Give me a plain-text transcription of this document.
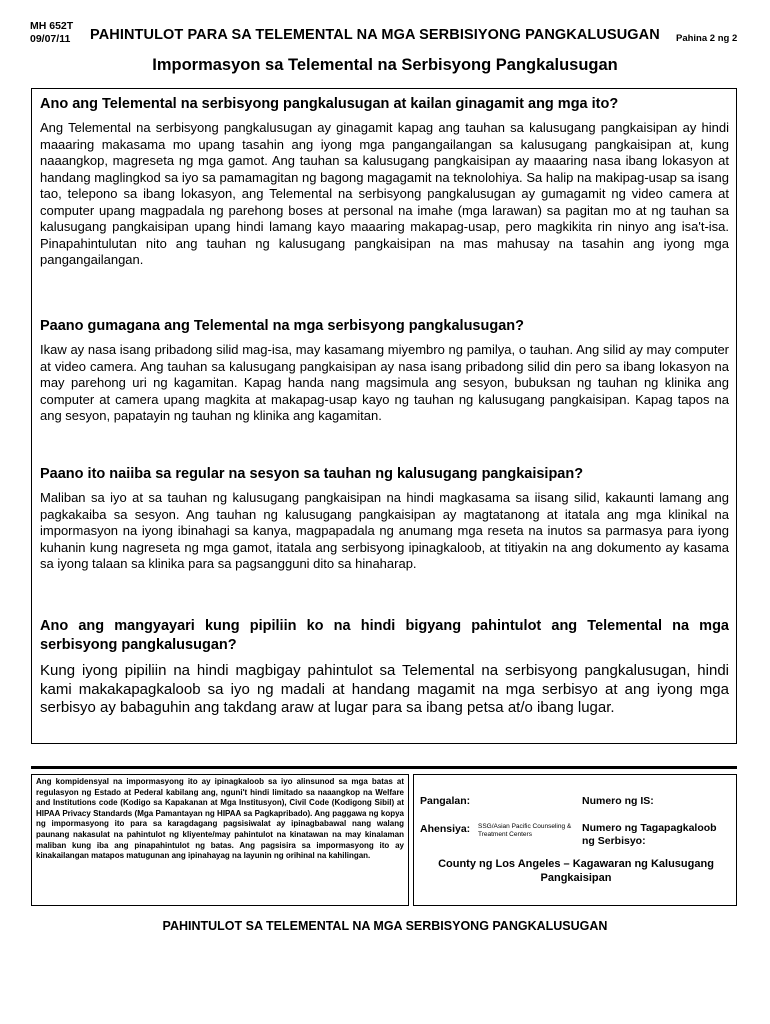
MH 652T
09/07/11 PAHINTULOT PARA SA TELEMENTAL NA MGA SERBISIYONG PANGKALUSUGAN Pahina 2 ng 2
Impormasyon sa Telemental na Serbisyong Pangkalusugan

Ano ang Telemental na serbisyong pangkalusugan at kailan ginagamit ang mga ito?

Ang Telemental na serbisyong pangkalusugan ay ginagamit kapag ang tauhan sa kalusugang pangkaisipan ay hindi maaaring makasama mo upang tasahin ang iyong mga pangangailangan sa kalusugang pangkaisipan at, kung naaangkop, magreseta ng mga gamot. Ang tauhan sa kalusugang pangkaisipan ay maaaring nasa ibang lokasyon at handang maglingkod sa iyo sa pamamagitan ng bagong magagamit na teknolohiya. Sa halip na makipag-usap sa isang tao, telepono sa ibang lokasyon, ang Telemental na serbisyong pangkalusugan ay gumagamit ng video camera at computer upang magpadala ng parehong boses at personal na imahe (mga larawan) sa pagitan mo at ng tauhan sa kalusugang pangkaisipan upang hindi lamang kayo maaaring makapag-usap, pero magkikita rin ninyo ang isa't-isa. Pinapahintulutan nito ang tauhan ng kalusugang pangkaisipan na mas mahusay na tasahin ang iyong mga pangangailangan.

Paano gumagana ang Telemental na mga serbisyong pangkalusugan?

Ikaw ay nasa isang pribadong silid mag-isa, may kasamang miyembro ng pamilya, o tauhan. Ang silid ay may computer at video camera. Ang tauhan sa kalusugang pangkaisipan ay nasa isang pribadong silid din pero sa ibang lokasyon na may parehong uri ng kagamitan. Kapag handa nang magsimula ang sesyon, bubuksan ng tauhan ng klinika ang computer at camera upang magkita at makapag-usap kayo ng tauhan ng kalusugang pangkaisipan. Kapag tapos na ang sesyon, papatayin ng tauhan ng klinika ang kagamitan.

Paano ito naiiba sa regular na sesyon sa tauhan ng kalusugang pangkaisipan?

Maliban sa iyo at sa tauhan ng kalusugang pangkaisipan na hindi magkasama sa iisang silid, kakaunti lamang ang pagkakaiba sa sesyon. Ang tauhan ng kalusugang pangkaisipan ay magtatanong at itatala ang mga klinikal na impormasyon na iyong ibinahagi sa kanya, magpapadala ng anumang mga reseta na inutos sa parmasya para iyong kuhanin kung nagreseta ng mga gamot, itatala ang serbisyong ipinagkaloob, at titiyakin na ang dokumento ay kasama sa iyong talaan sa klinika para sa pagsangguni dito sa hinaharap.

Ano ang mangyayari kung pipiliin ko na hindi bigyang pahintulot ang Telemental na mga serbisyong pangkalusugan?

Kung iyong pipiliin na hindi magbigay pahintulot sa Telemental na serbisyong pangkalusugan, hindi kami makakapagkaloob sa iyo ng madali at handang magamit na mga serbisyo at ang iyong mga serbisyo ay babaguhin ang takdang araw at lugar para sa ibang petsa at/o ibang lugar.

Ang kompidensyal na impormasyong ito ay ipinagkaloob sa iyo alinsunod sa mga batas at regulasyon ng Estado at Pederal kabilang ang, nguni't hindi limitado sa naaangkop na Welfare and Institutions code (Kodigo sa Kapakanan at Mga Institusyon), Civil Code (Kodigong Sibil) at HIPAA Privacy Standards (Mga Pamantayan ng HIPAA sa Pagkapribado). Ang paggawa ng kopya ng impormasyong ito para sa karagdagang pagsisiwalat ay ipinagbabawal nang walang paunang nakasulat na pahintulot ng kliyente/may pahintulot na kinatawan na may kinalaman maliban kung iba ang pinapahintulot ng batas. Ang pagsisira sa impormasyong ito ay kinakailangan matapos matugunan ang ipinahayag na layunin ng orihinal na kahilingan.
Pangalan:	Numero ng IS:
Ahensiya: SSG/Asian Pacific Counseling & Treatment Centers
Numero ng Tagapagkaloob ng Serbisyo:
County ng Los Angeles – Kagawaran ng Kalusugang Pangkaisipan
PAHINTULOT SA TELEMENTAL NA MGA SERBISYONG PANGKALUSUGAN
